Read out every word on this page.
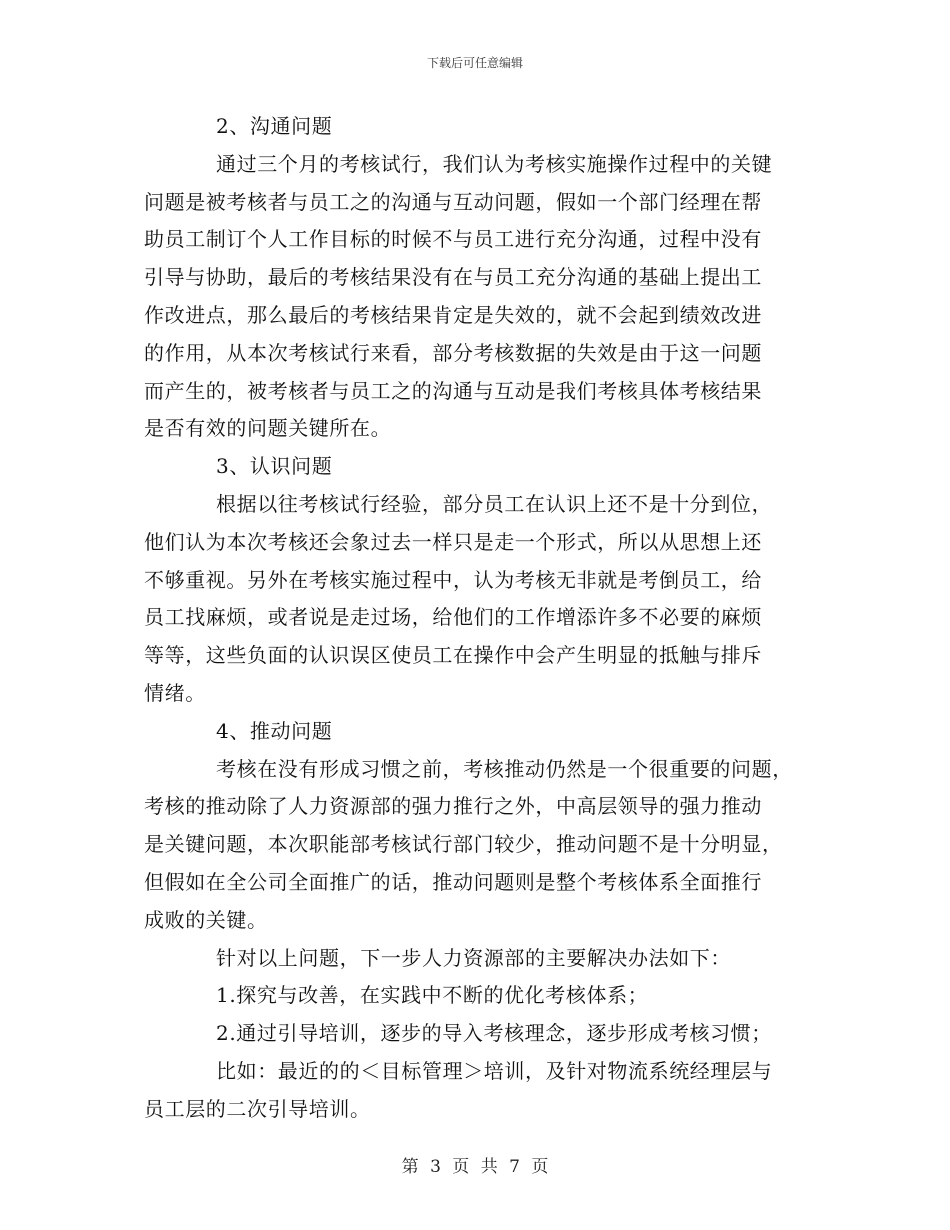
下载后可任意编辑
2、沟通问题
通过三个月的考核试行，我们认为考核实施操作过程中的关键
问题是被考核者与员工之的沟通与互动问题，假如一个部门经理在帮
助员工制订个人工作目标的时候不与员工进行充分沟通，过程中没有
引导与协助，最后的考核结果没有在与员工充分沟通的基础上提出工
作改进点，那么最后的考核结果肯定是失效的，就不会起到绩效改进
的作用，从本次考核试行来看，部分考核数据的失效是由于这一问题
而产生的，被考核者与员工之的沟通与互动是我们考核具体考核结果
是否有效的问题关键所在。
3、认识问题
根据以往考核试行经验，部分员工在认识上还不是十分到位，
他们认为本次考核还会象过去一样只是走一个形式，所以从思想上还
不够重视。另外在考核实施过程中，认为考核无非就是考倒员工，给
员工找麻烦，或者说是走过场，给他们的工作增添许多不必要的麻烦
等等，这些负面的认识误区使员工在操作中会产生明显的抵触与排斥
情绪。
4、推动问题
考核在没有形成习惯之前，考核推动仍然是一个很重要的问题，
考核的推动除了人力资源部的强力推行之外，中高层领导的强力推动
是关键问题，本次职能部考核试行部门较少，推动问题不是十分明显，
但假如在全公司全面推广的话，推动问题则是整个考核体系全面推行
成败的关键。
针对以上问题，下一步人力资源部的主要解决办法如下：
1.探究与改善，在实践中不断的优化考核体系；
2.通过引导培训，逐步的导入考核理念，逐步形成考核习惯；
比如：最近的的＜目标管理＞培训，及针对物流系统经理层与
员工层的二次引导培训。
第 3 页 共 7 页
